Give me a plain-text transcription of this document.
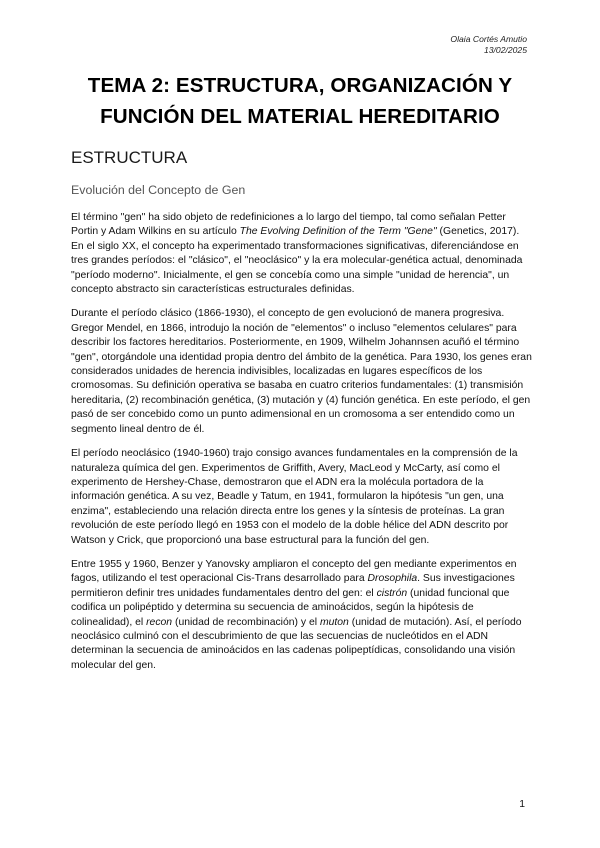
Olaia Cortés Amutio
13/02/2025
TEMA 2: ESTRUCTURA, ORGANIZACIÓN Y FUNCIÓN DEL MATERIAL HEREDITARIO
ESTRUCTURA
Evolución del Concepto de Gen

El término "gen" ha sido objeto de redefiniciones a lo largo del tiempo, tal como señalan Petter Portin y Adam Wilkins en su artículo The Evolving Definition of the Term "Gene" (Genetics, 2017). En el siglo XX, el concepto ha experimentado transformaciones significativas, diferenciándose en tres grandes períodos: el "clásico", el "neoclásico" y la era molecular-genética actual, denominada "período moderno". Inicialmente, el gen se concebía como una simple "unidad de herencia", un concepto abstracto sin características estructurales definidas.

Durante el período clásico (1866-1930), el concepto de gen evolucionó de manera progresiva. Gregor Mendel, en 1866, introdujo la noción de "elementos" o incluso "elementos celulares" para describir los factores hereditarios. Posteriormente, en 1909, Wilhelm Johannsen acuñó el término "gen", otorgándole una identidad propia dentro del ámbito de la genética. Para 1930, los genes eran considerados unidades de herencia indivisibles, localizadas en lugares específicos de los cromosomas. Su definición operativa se basaba en cuatro criterios fundamentales: (1) transmisión hereditaria, (2) recombinación genética, (3) mutación y (4) función genética. En este período, el gen pasó de ser concebido como un punto adimensional en un cromosoma a ser entendido como un segmento lineal dentro de él.

El período neoclásico (1940-1960) trajo consigo avances fundamentales en la comprensión de la naturaleza química del gen. Experimentos de Griffith, Avery, MacLeod y McCarty, así como el experimento de Hershey-Chase, demostraron que el ADN era la molécula portadora de la información genética. A su vez, Beadle y Tatum, en 1941, formularon la hipótesis "un gen, una enzima", estableciendo una relación directa entre los genes y la síntesis de proteínas. La gran revolución de este período llegó en 1953 con el modelo de la doble hélice del ADN descrito por Watson y Crick, que proporcionó una base estructural para la función del gen.

Entre 1955 y 1960, Benzer y Yanovsky ampliaron el concepto del gen mediante experimentos en fagos, utilizando el test operacional Cis-Trans desarrollado para Drosophila. Sus investigaciones permitieron definir tres unidades fundamentales dentro del gen: el cistrón (unidad funcional que codifica un polipéptido y determina su secuencia de aminoácidos, según la hipótesis de colinealidad), el recon (unidad de recombinación) y el muton (unidad de mutación). Así, el período neoclásico culminó con el descubrimiento de que las secuencias de nucleótidos en el ADN determinan la secuencia de aminoácidos en las cadenas polipeptídicas, consolidando una visión molecular del gen.

1
